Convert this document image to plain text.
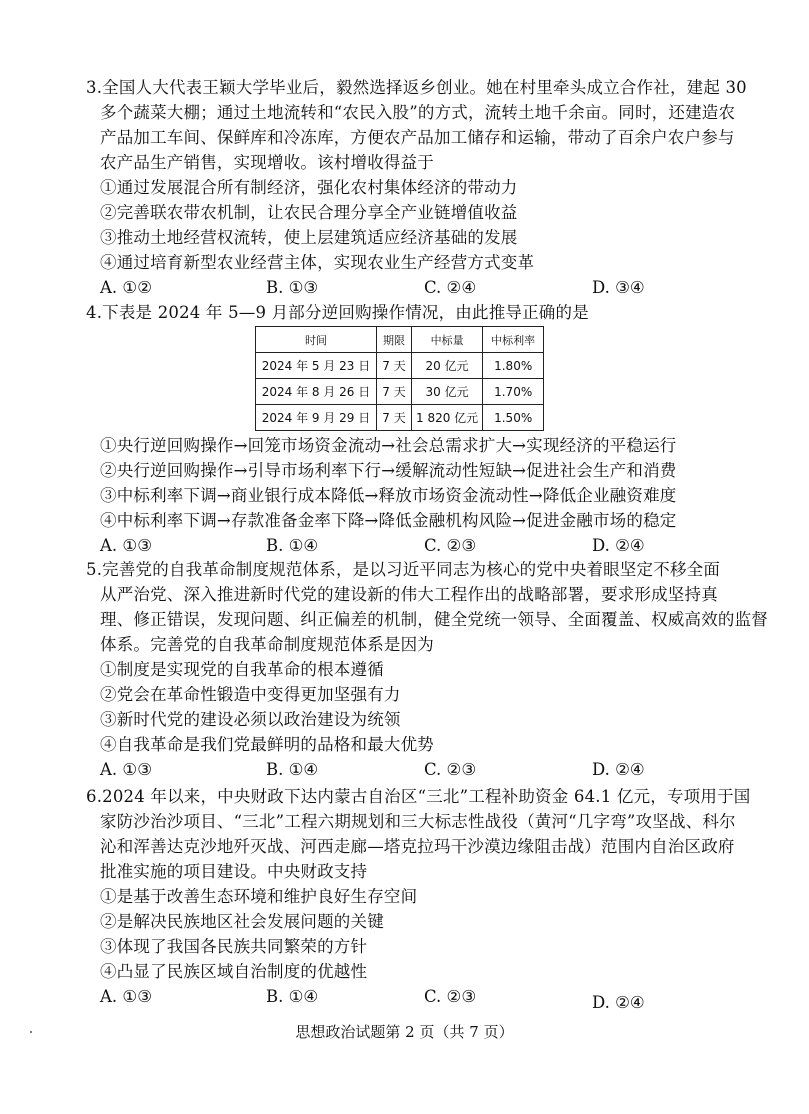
3.全国人大代表王颖大学毕业后，毅然选择返乡创业。她在村里牵头成立合作社，建起 30
多个蔬菜大棚；通过土地流转和“农民入股”的方式，流转土地千余亩。同时，还建造农
产品加工车间、保鲜库和冷冻库，方便农产品加工储存和运输，带动了百余户农户参与
农产品生产销售，实现增收。该村增收得益于
①通过发展混合所有制经济，强化农村集体经济的带动力
②完善联农带农机制，让农民合理分享全产业链增值收益
③推动土地经营权流转，使上层建筑适应经济基础的发展
④通过培育新型农业经营主体，实现农业生产经营方式变革
A. ①②	B. ①③	C. ②④	D. ③④
4.下表是 2024 年 5—9 月部分逆回购操作情况，由此推导正确的是
时间	期限	中标量	中标利率
2024 年 5 月 23 日	7 天	20 亿元	1.80%
2024 年 8 月 26 日	7 天	30 亿元	1.70%
2024 年 9 月 29 日	7 天	1 820 亿元	1.50%
①央行逆回购操作→回笼市场资金流动→社会总需求扩大→实现经济的平稳运行
②央行逆回购操作→引导市场利率下行→缓解流动性短缺→促进社会生产和消费
③中标利率下调→商业银行成本降低→释放市场资金流动性→降低企业融资难度
④中标利率下调→存款准备金率下降→降低金融机构风险→促进金融市场的稳定
A. ①③	B. ①④	C. ②③	D. ②④
5.完善党的自我革命制度规范体系，是以习近平同志为核心的党中央着眼坚定不移全面
从严治党、深入推进新时代党的建设新的伟大工程作出的战略部署，要求形成坚持真
理、修正错误，发现问题、纠正偏差的机制，健全党统一领导、全面覆盖、权威高效的监督
体系。完善党的自我革命制度规范体系是因为
①制度是实现党的自我革命的根本遵循
②党会在革命性锻造中变得更加坚强有力
③新时代党的建设必须以政治建设为统领
④自我革命是我们党最鲜明的品格和最大优势
A. ①③	B. ①④	C. ②③	D. ②④
6.2024 年以来，中央财政下达内蒙古自治区“三北”工程补助资金 64.1 亿元，专项用于国
家防沙治沙项目、“三北”工程六期规划和三大标志性战役（黄河“几字弯”攻坚战、科尔
沁和浑善达克沙地歼灭战、河西走廊—塔克拉玛干沙漠边缘阻击战）范围内自治区政府
批准实施的项目建设。中央财政支持
①是基于改善生态环境和维护良好生存空间
②是解决民族地区社会发展问题的关键
③体现了我国各民族共同繁荣的方针
④凸显了民族区域自治制度的优越性
A. ①③	B. ①④	C. ②③	D. ②④
思想政治试题第 2 页（共 7 页）
